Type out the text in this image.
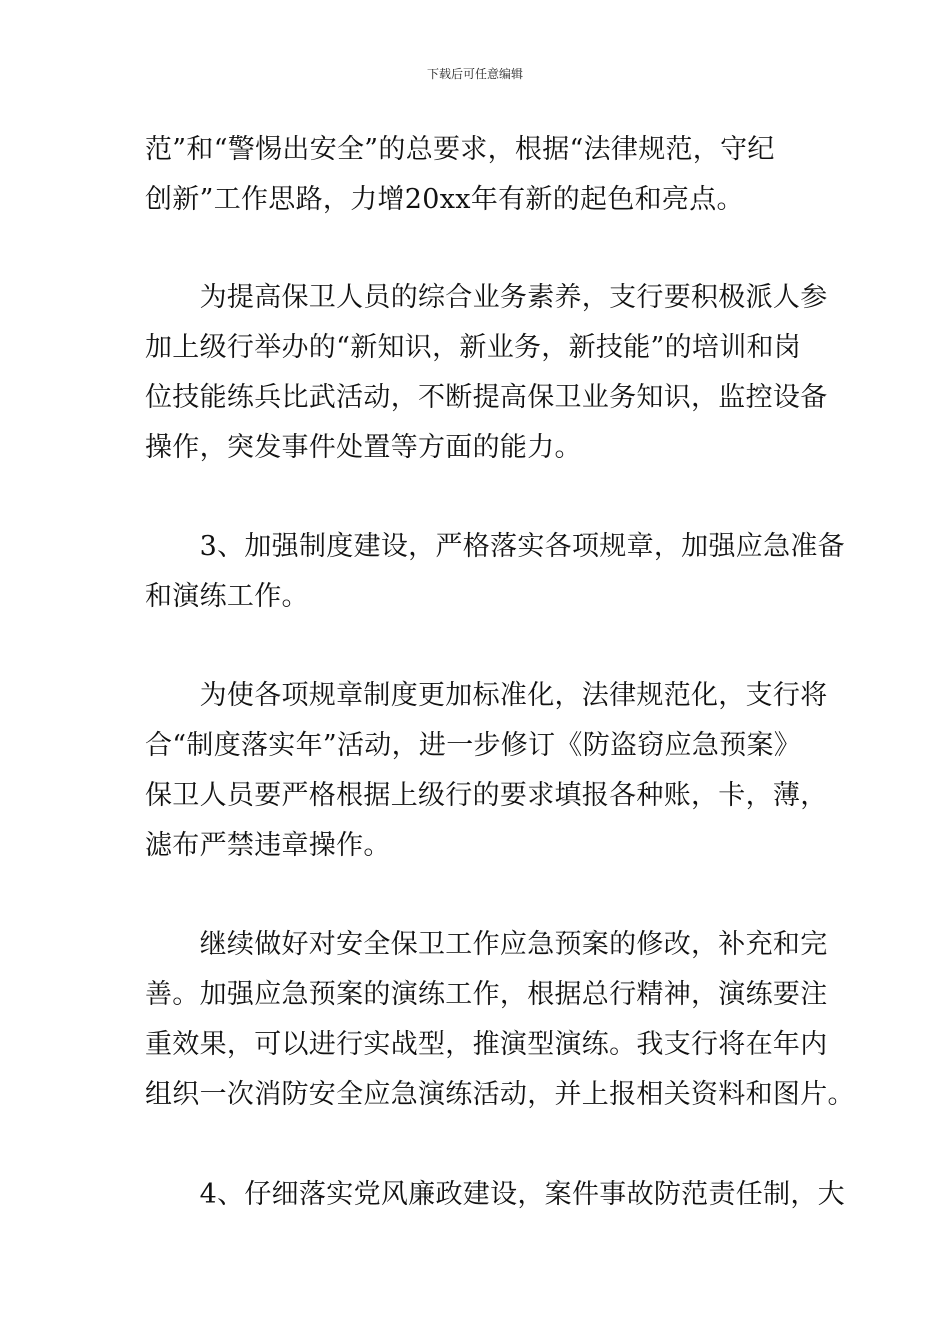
下载后可任意编辑

范”和“警惕出安全”的总要求，根据“法律规范，守纪
创新”工作思路，力增20xx年有新的起色和亮点。

　　为提高保卫人员的综合业务素养，支行要积极派人参
加上级行举办的“新知识，新业务，新技能”的培训和岗
位技能练兵比武活动，不断提高保卫业务知识，监控设备
操作，突发事件处置等方面的能力。

　　3、加强制度建设，严格落实各项规章，加强应急准备
和演练工作。

　　为使各项规章制度更加标准化，法律规范化，支行将
合“制度落实年”活动，进一步修订《防盗窃应急预案》
保卫人员要严格根据上级行的要求填报各种账，卡，薄，
滤布严禁违章操作。

　　继续做好对安全保卫工作应急预案的修改，补充和完
善。加强应急预案的演练工作，根据总行精神，演练要注
重效果，可以进行实战型，推演型演练。我支行将在年内
组织一次消防安全应急演练活动，并上报相关资料和图片。

　　4、仔细落实党风廉政建设，案件事故防范责任制，大
